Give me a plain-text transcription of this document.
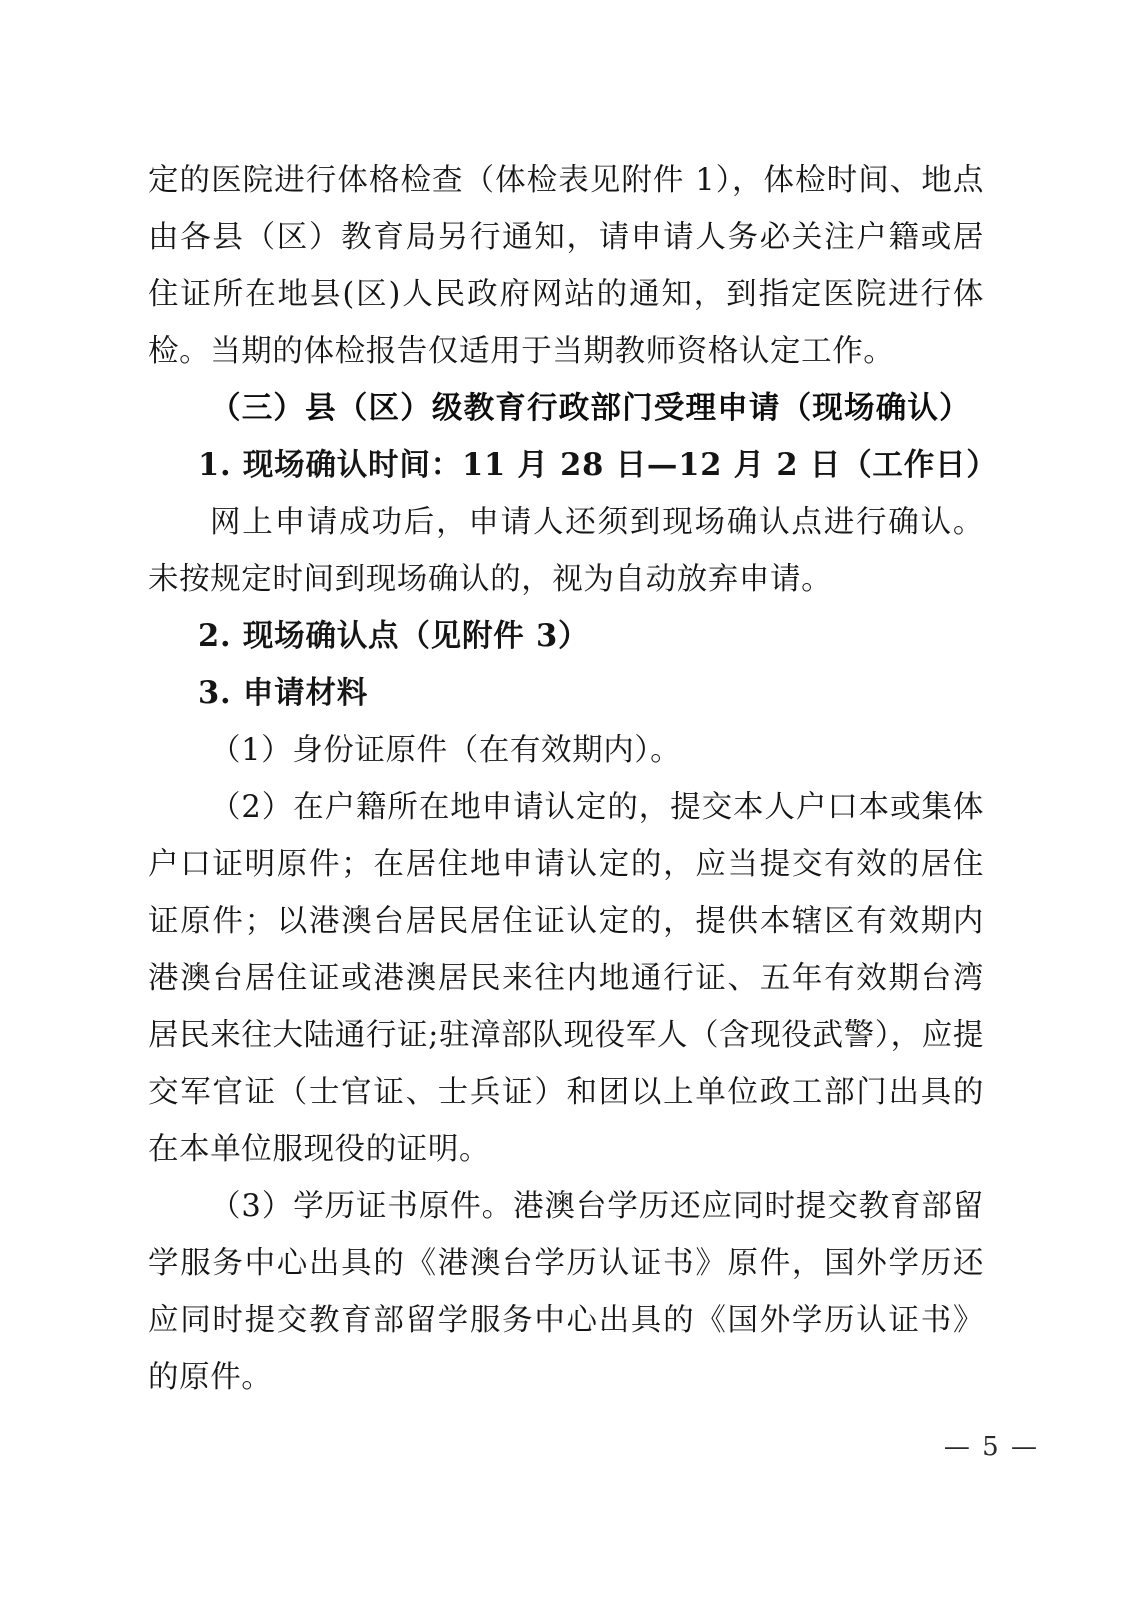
定的医院进行体格检查（体检表见附件 1），体检时间、地点由各县（区）教育局另行通知，请申请人务必关注户籍或居住证所在地县(区)人民政府网站的通知，到指定医院进行体检。当期的体检报告仅适用于当期教师资格认定工作。

（三）县（区）级教育行政部门受理申请（现场确认）

1. 现场确认时间：11 月 28 日—12 月 2 日（工作日）

网上申请成功后，申请人还须到现场确认点进行确认。未按规定时间到现场确认的，视为自动放弃申请。

2. 现场确认点（见附件 3）

3. 申请材料

（1）身份证原件（在有效期内）。

（2）在户籍所在地申请认定的，提交本人户口本或集体户口证明原件；在居住地申请认定的，应当提交有效的居住证原件；以港澳台居民居住证认定的，提供本辖区有效期内港澳台居住证或港澳居民来往内地通行证、五年有效期台湾居民来往大陆通行证;驻漳部队现役军人（含现役武警），应提交军官证（士官证、士兵证）和团以上单位政工部门出具的在本单位服现役的证明。

（3）学历证书原件。港澳台学历还应同时提交教育部留学服务中心出具的《港澳台学历认证书》原件，国外学历还应同时提交教育部留学服务中心出具的《国外学历认证书》的原件。

— 5 —
